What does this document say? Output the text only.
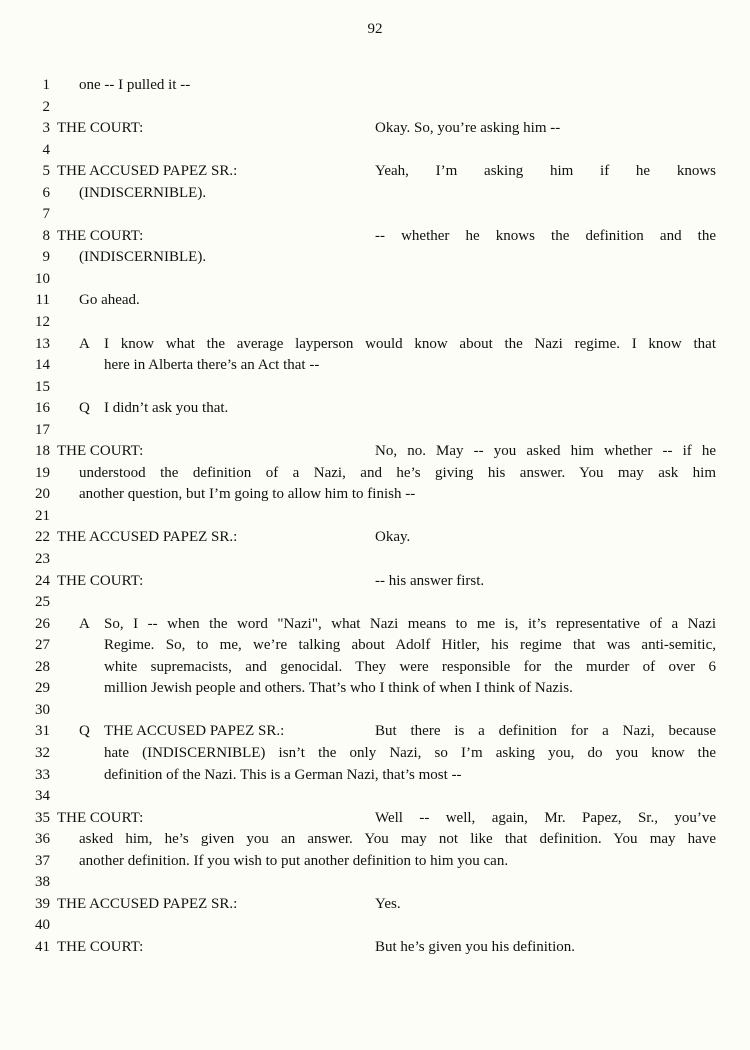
92
1 one -- I pulled it --
2
3 THE COURT:	Okay. So, you’re asking him --
4
5 THE ACCUSED PAPEZ SR.:	Yeah, I’m asking him if he knows
6 (INDISCERNIBLE).
7
8 THE COURT:	-- whether he knows the definition and the
9 (INDISCERNIBLE).
10
11 Go ahead.
12
13 A I know what the average layperson would know about the Nazi regime. I know that
14	here in Alberta there’s an Act that --
15
16 Q I didn’t ask you that.
17
18 THE COURT:	No, no. May -- you asked him whether -- if he
19 understood the definition of a Nazi, and he’s giving his answer. You may ask him
20 another question, but I’m going to allow him to finish --
21
22 THE ACCUSED PAPEZ SR.:	Okay.
23
24 THE COURT:	-- his answer first.
25
26 A So, I -- when the word "Nazi", what Nazi means to me is, it’s representative of a Nazi
27	Regime. So, to me, we’re talking about Adolf Hitler, his regime that was anti-semitic,
28	white supremacists, and genocidal. They were responsible for the murder of over 6
29	million Jewish people and others. That’s who I think of when I think of Nazis.
30
31 Q THE ACCUSED PAPEZ SR.:	But there is a definition for a Nazi, because
32	hate (INDISCERNIBLE) isn’t the only Nazi, so I’m asking you, do you know the
33	definition of the Nazi. This is a German Nazi, that’s most --
34
35 THE COURT:	Well -- well, again, Mr. Papez, Sr., you’ve
36 asked him, he’s given you an answer. You may not like that definition. You may have
37 another definition. If you wish to put another definition to him you can.
38
39 THE ACCUSED PAPEZ SR.:	Yes.
40
41 THE COURT:	But he’s given you his definition.
